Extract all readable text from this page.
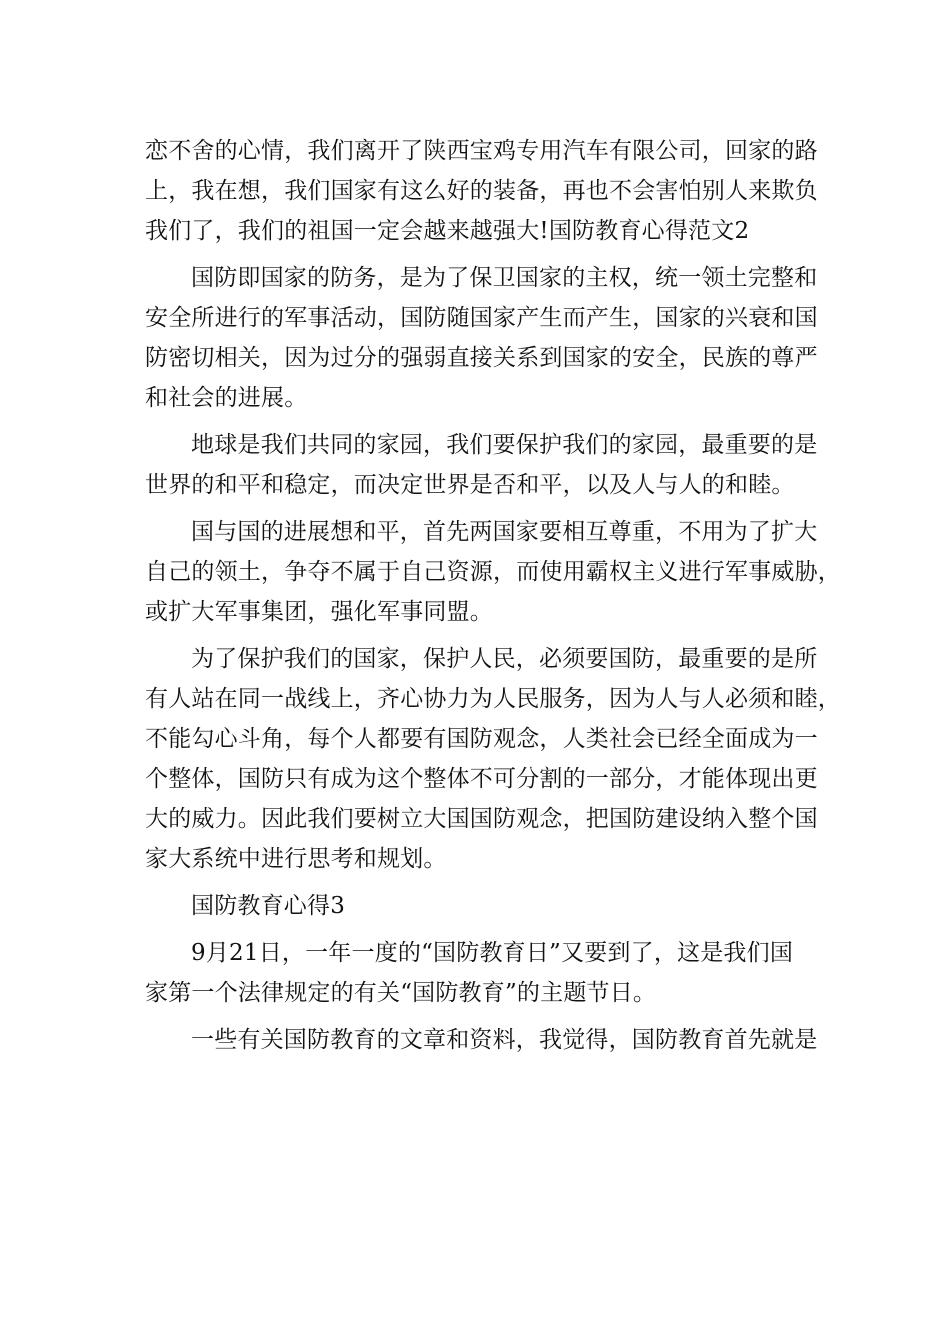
恋不舍的心情，我们离开了陕西宝鸡专用汽车有限公司，回家的路
上，我在想，我们国家有这么好的装备，再也不会害怕别人来欺负
我们了，我们的祖国一定会越来越强大!国防教育心得范文2
国防即国家的防务，是为了保卫国家的主权，统一领土完整和
安全所进行的军事活动，国防随国家产生而产生，国家的兴衰和国
防密切相关，因为过分的强弱直接关系到国家的安全，民族的尊严
和社会的进展。
地球是我们共同的家园，我们要保护我们的家园，最重要的是
世界的和平和稳定，而决定世界是否和平，以及人与人的和睦。
国与国的进展想和平，首先两国家要相互尊重，不用为了扩大
自己的领土，争夺不属于自己资源，而使用霸权主义进行军事威胁，
或扩大军事集团，强化军事同盟。
为了保护我们的国家，保护人民，必须要国防，最重要的是所
有人站在同一战线上，齐心协力为人民服务，因为人与人必须和睦，
不能勾心斗角，每个人都要有国防观念，人类社会已经全面成为一
个整体，国防只有成为这个整体不可分割的一部分，才能体现出更
大的威力。因此我们要树立大国国防观念，把国防建设纳入整个国
家大系统中进行思考和规划。
国防教育心得3
9月21日，一年一度的“国防教育日”又要到了，这是我们国
家第一个法律规定的有关“国防教育”的主题节日。
一些有关国防教育的文章和资料，我觉得，国防教育首先就是
